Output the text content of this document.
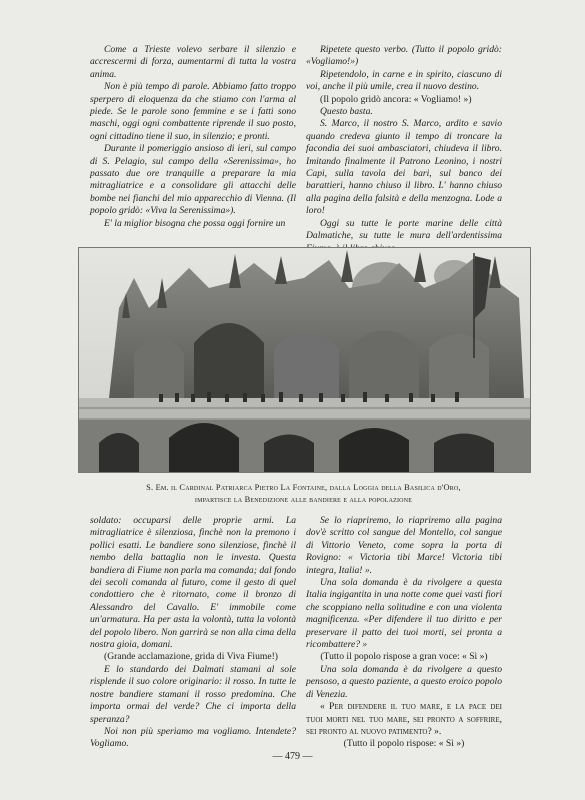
Come a Trieste volevo serbare il silenzio e accrescermi di forza, aumentarmi di tutta la vostra anima.

Non è più tempo di parole. Abbiamo fatto troppo sperpero di eloquenza da che stiamo con l'arma al piede. Se le parole sono femmine e se i fatti sono maschi, oggi ogni combattente riprende il suo posto, ogni cittadino tiene il suo, in silenzio; e pronti.

Durante il pomeriggio ansioso di ieri, sul campo di S. Pelagio, sul campo della «Serenissima», ho passato due ore tranquille a preparare la mia mitragliatrice e a consolidare gli attacchi delle bombe nei fianchi del mio apparecchio di Vienna. (Il popolo gridò: «Viva la Serenissima»).

E' la miglior bisogna che possa oggi fornire un

Ripetete questo verbo. (Tutto il popolo gridò: «Vogliamo!»)

Ripetendolo, in carne e in spirito, ciascuno di voi, anche il più umile, crea il nuovo destino.

(Il popolo gridò ancora: « Vogliamo! »)

Questo basta.

S. Marco, il nostro S. Marco, ardito e savio quando credeva giunto il tempo di troncare la facondia dei suoi ambasciatori, chiudeva il libro. Imitando finalmente il Patrono Leonino, i nostri Capi, sulla tavola dei bari, sul banco dei barattieri, hanno chiuso il libro. L' hanno chiuso alla pagina della falsità e della menzogna. Lode a loro!

Oggi su tutte le porte marine delle città Dalmatiche, su tutte le mura dell'ardentissima

S. Em. il Cardinal Patriarca Pietro La Fontaine, dalla Loggia della Basilica d'Oro,
impartisce la Benedizione alle bandiere e alla popolazione

soldato: occuparsi delle proprie armi. La mitragliatrice è silenziosa, finchè non la premono i pollici esatti. Le bandiere sono silenziose, finchè il nembo della battaglia non le investa. Questa bandiera di Fiume non parla ma comanda; dal fondo dei secoli comanda al futuro, come il gesto di quel condottiero che è ritornato, come il bronzo di Alessandro del Cavallo. E' immobile come un'armatura. Ha per asta la volontà, tutta la volontà del popolo libero. Non garrirà se non alla cima della nostra gioia, domani.

(Grande acclamazione, grida di Viva Fiume!)

E lo standardo dei Dalmati stamani al sole risplende il suo colore originario: il rosso. In tutte le nostre bandiere stamani il rosso predomina. Che importa ormai del verde? Che ci importa della speranza?

Noi non più speriamo ma vogliamo. Intendete? Vogliamo.

Se lo riapriremo, lo riapriremo alla pagina dov'è scritto col sangue del Montello, col sangue di Vittorio Veneto, come sopra la porta di Rovigno: « Victoria tibi Marce! Victoria tibi integra, Italia! ».

Una sola domanda è da rivolgere a questa Italia ingigantita in una notte come quei vasti fiori che scoppiano nella solitudine e con una violenta magnificenza. «Per difendere il tuo diritto e per preservare il patto dei tuoi morti, sei pronta a ricombattere? »

(Tutto il popolo rispose a gran voce: « Sì »)

Una sola domanda è da rivolgere a questo pensoso, a questo paziente, a questo eroico popolo di Venezia.

« Per difendere il tuo mare, e la pace dei tuoi morti nel tuo mare, sei pronto a soffrire, sei pronto al nuovo patimento? ».

(Tutto il popolo rispose: « Sì »)

— 479 —
